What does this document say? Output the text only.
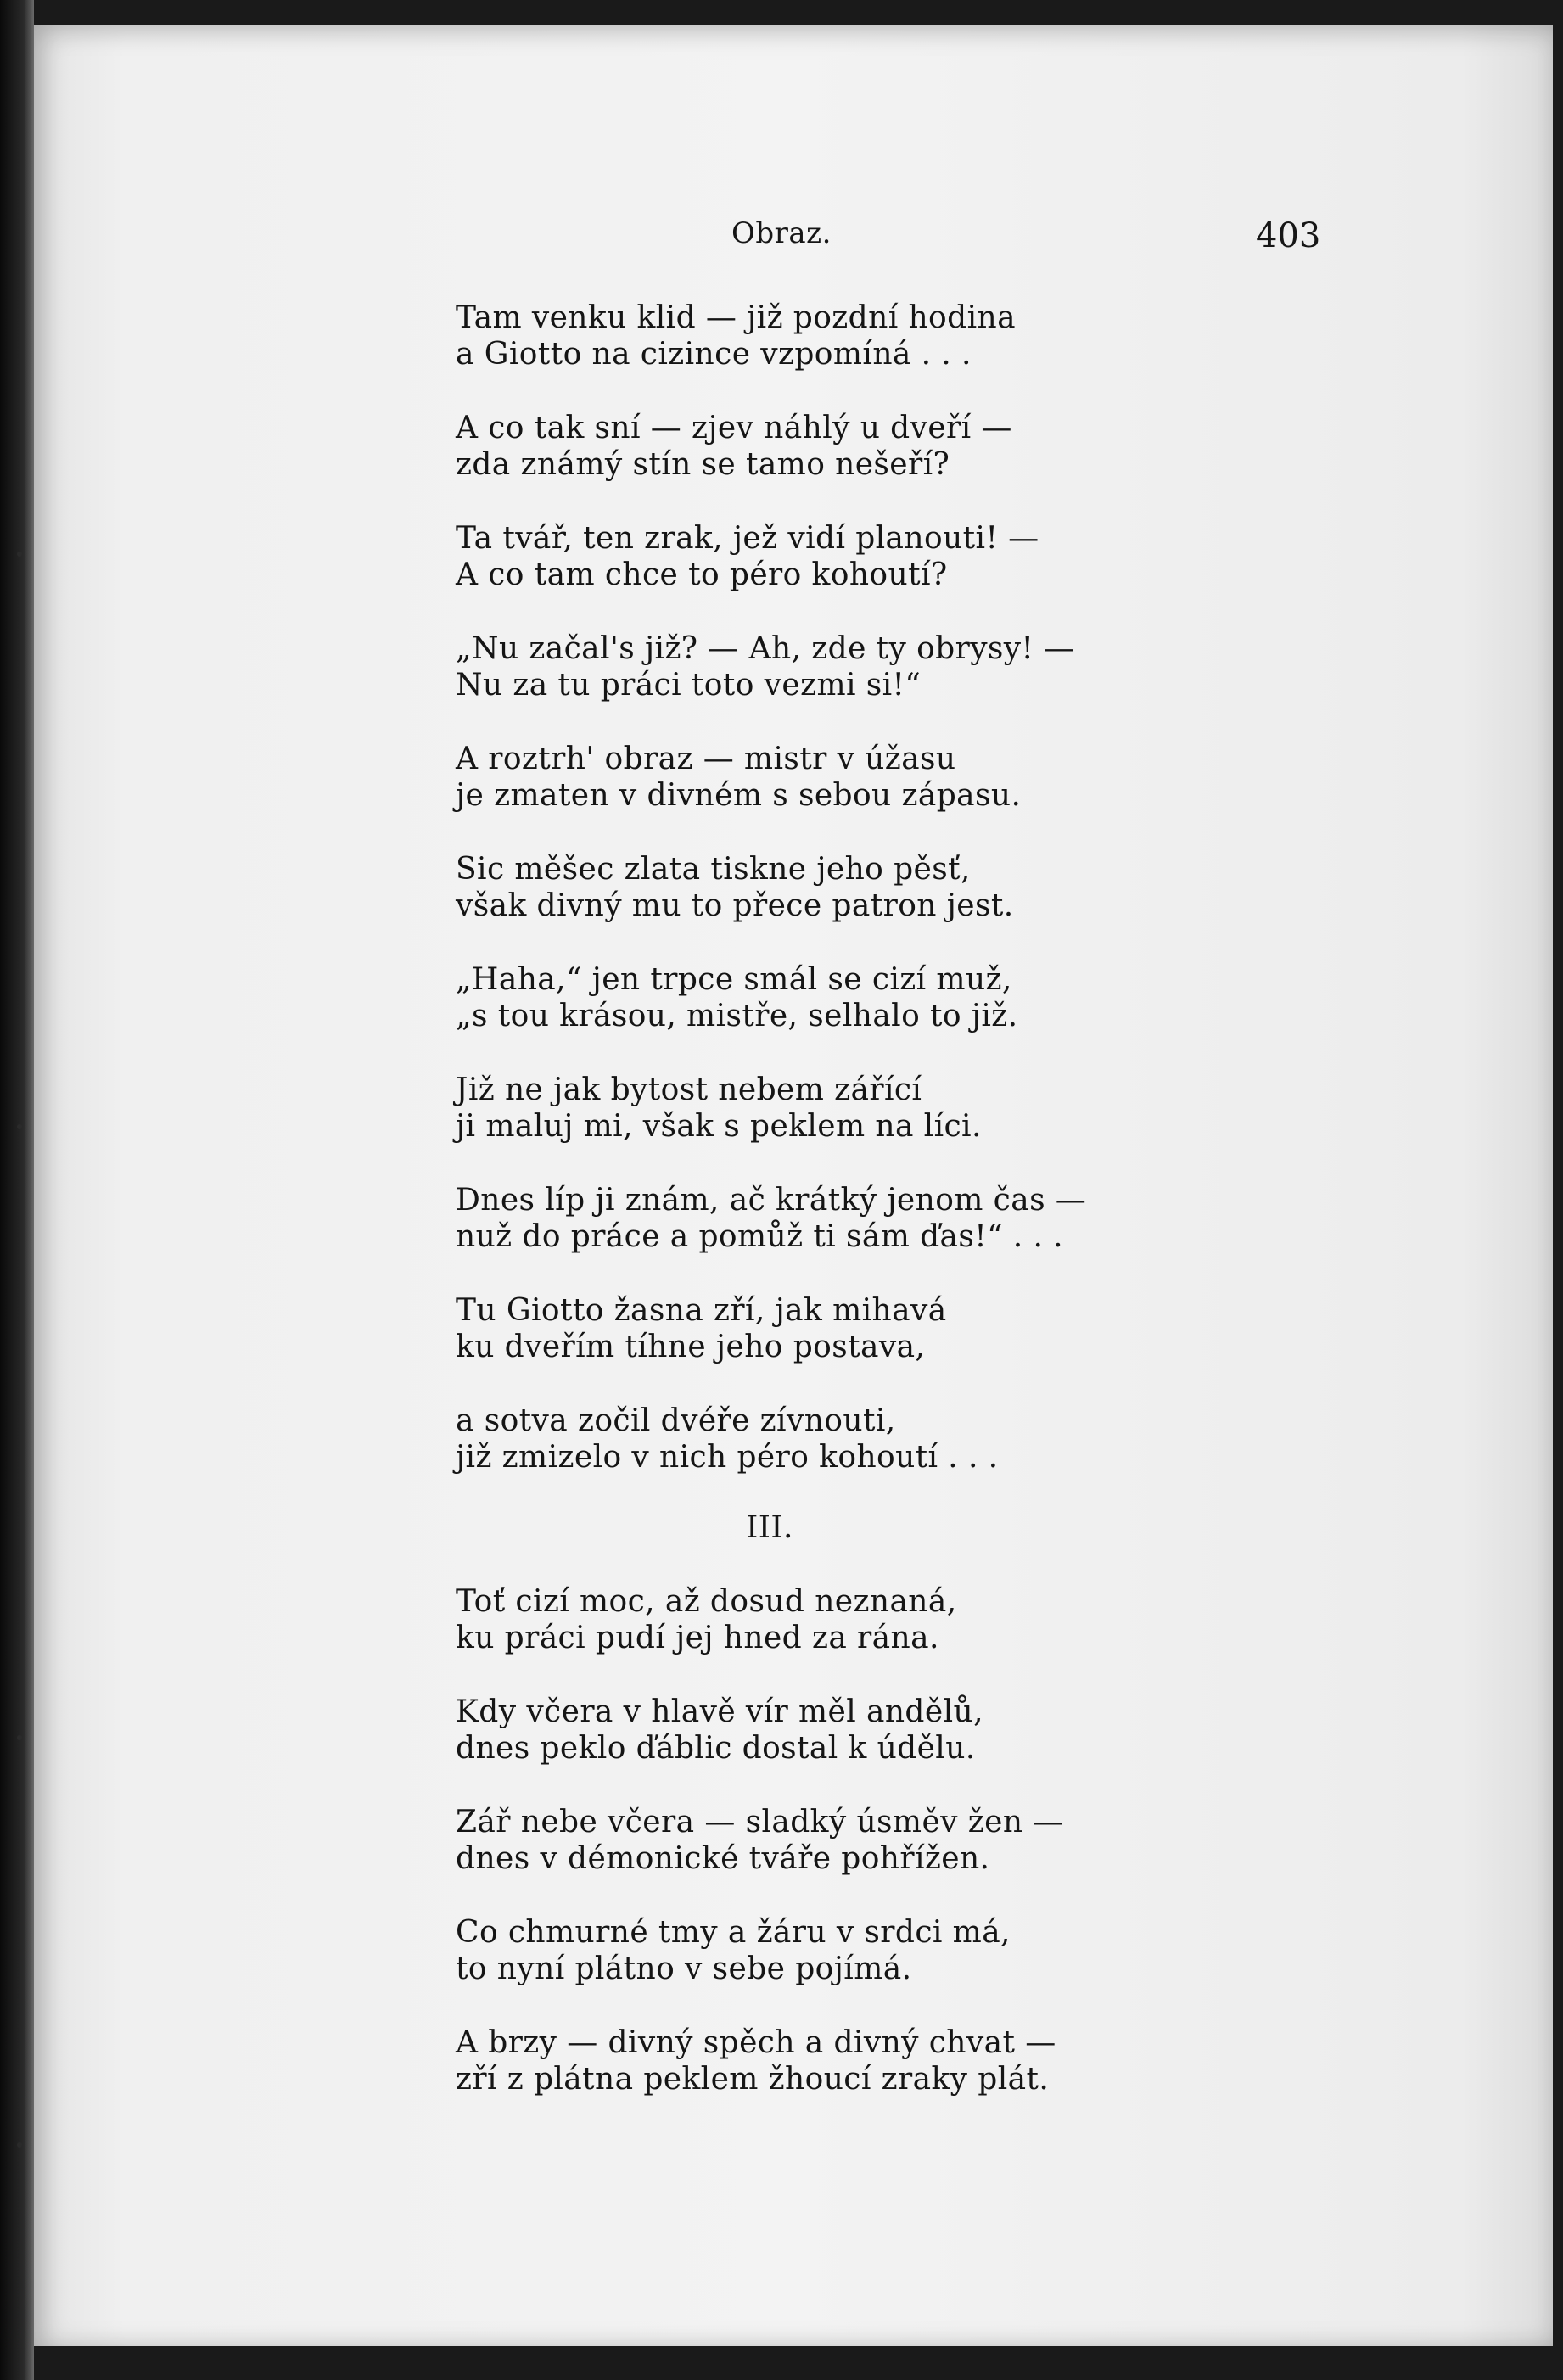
Obraz.	403
Tam venku klid — již pozdní hodina
a Giotto na cizince vzpomíná . . .
A co tak sní — zjev náhlý u dveří —
zda známý stín se tamo nešeří?
Ta tvář, ten zrak, jež vidí planouti! —
A co tam chce to péro kohoutí?
„Nu začal's již? — Ah, zde ty obrysy! —
Nu za tu práci toto vezmi si!“
A roztrh' obraz — mistr v úžasu
je zmaten v divném s sebou zápasu.
Sic měšec zlata tiskne jeho pěsť,
však divný mu to přece patron jest.
„Haha,“ jen trpce smál se cizí muž,
„s tou krásou, mistře, selhalo to již.
Již ne jak bytost nebem zářící
ji maluj mi, však s peklem na líci.
Dnes líp ji znám, ač krátký jenom čas —
nuž do práce a pomůž ti sám ďas!“ . . .
Tu Giotto žasna zří, jak mihavá
ku dveřím tíhne jeho postava,
a sotva zočil dvéře zívnouti,
již zmizelo v nich péro kohoutí . . .
III.
Toť cizí moc, až dosud neznaná,
ku práci pudí jej hned za rána.
Kdy včera v hlavě vír měl andělů,
dnes peklo ďáblic dostal k údělu.
Zář nebe včera — sladký úsměv žen —
dnes v démonické tváře pohřížen.
Co chmurné tmy a žáru v srdci má,
to nyní plátno v sebe pojímá.
A brzy — divný spěch a divný chvat —
zří z plátna peklem žhoucí zraky plát.
